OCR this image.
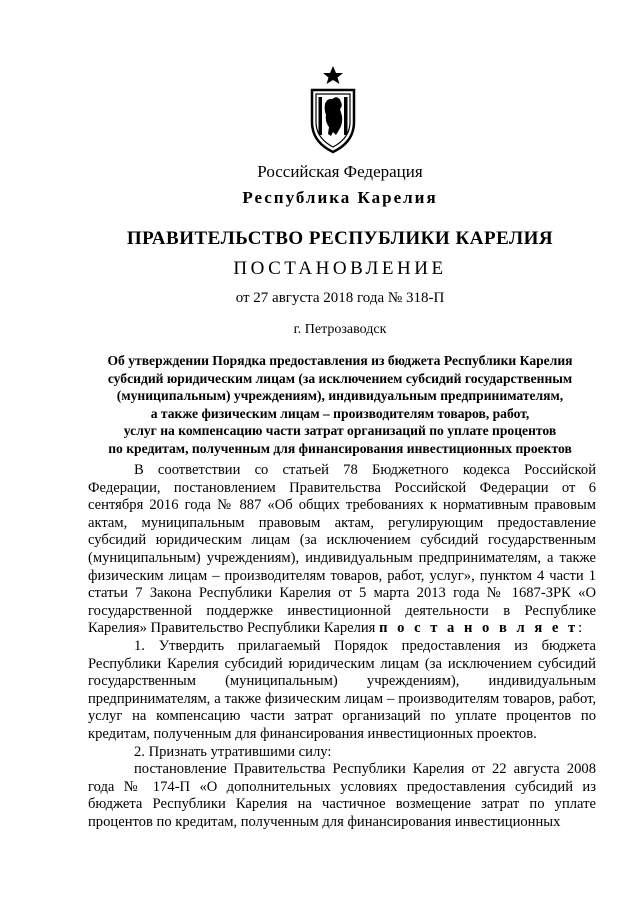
Российская Федерация
Республика Карелия
ПРАВИТЕЛЬСТВО РЕСПУБЛИКИ КАРЕЛИЯ
ПОСТАНОВЛЕНИЕ
от 27 августа 2018 года № 318-П
г. Петрозаводск
Об утверждении Порядка предоставления из бюджета Республики Карелия
субсидий юридическим лицам (за исключением субсидий государственным
(муниципальным) учреждениям), индивидуальным предпринимателям,
а также физическим лицам – производителям товаров, работ,
услуг на компенсацию части затрат организаций по уплате процентов
по кредитам, полученным для финансирования инвестиционных проектов

В соответствии со статьей 78 Бюджетного кодекса Российской Федерации, постановлением Правительства Российской Федерации от 6 сентября 2016 года № 887 «Об общих требованиях к нормативным правовым актам, муниципальным правовым актам, регулирующим предоставление субсидий юридическим лицам (за исключением субсидий государственным (муниципальным) учреждениям), индивидуальным предпринимателям, а также физическим лицам – производителям товаров, работ, услуг», пунктом 4 части 1 статьи 7 Закона Республики Карелия от 5 марта 2013 года № 1687-ЗРК «О государственной поддержке инвестиционной деятельности в Республике Карелия» Правительство Республики Карелия п о с т а н о в л я е т:

1. Утвердить прилагаемый Порядок предоставления из бюджета Республики Карелия субсидий юридическим лицам (за исключением субсидий государственным (муниципальным) учреждениям), индивидуальным предпринимателям, а также физическим лицам – производителям товаров, работ, услуг на компенсацию части затрат организаций по уплате процентов по кредитам, полученным для финансирования инвестиционных проектов.

2. Признать утратившими силу:

постановление Правительства Республики Карелия от 22 августа 2008 года № 174-П «О дополнительных условиях предоставления субсидий из бюджета Республики Карелия на частичное возмещение затрат по уплате процентов по кредитам, полученным для финансирования инвестиционных
